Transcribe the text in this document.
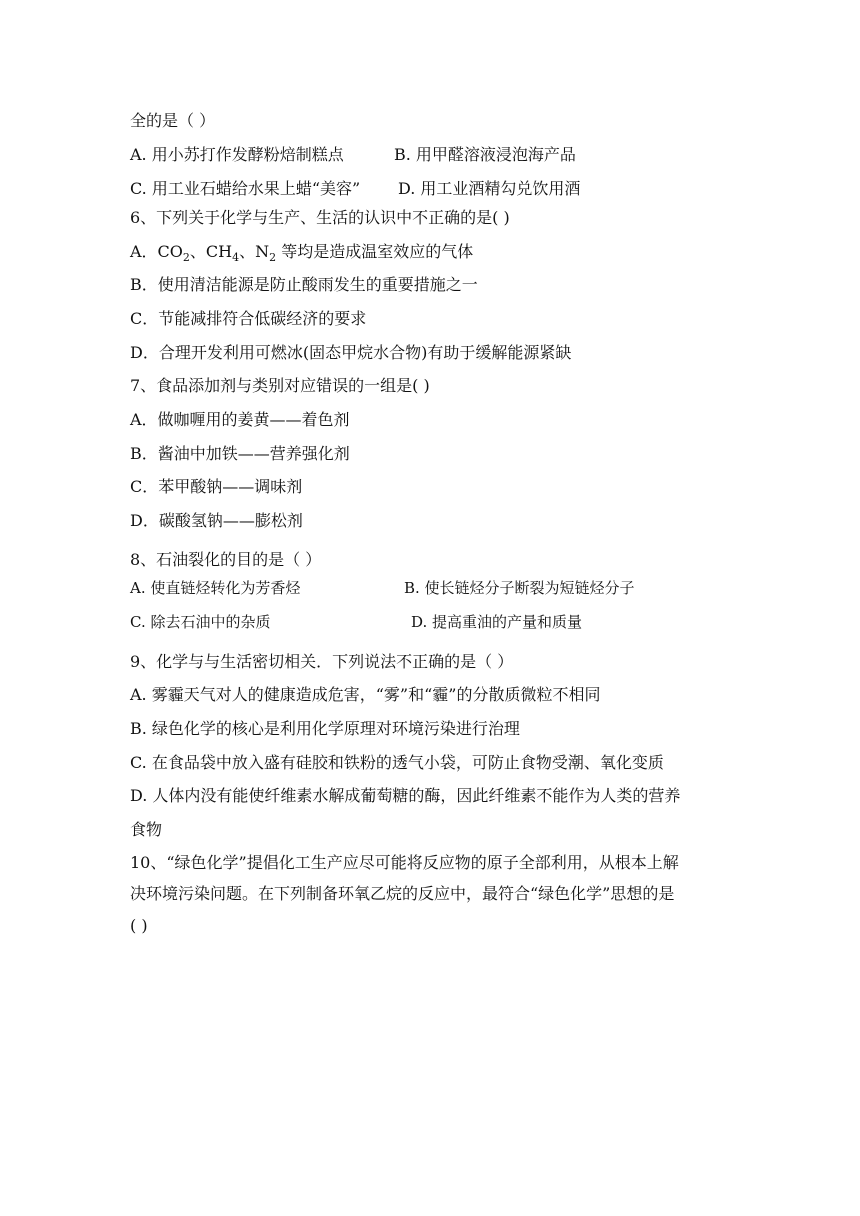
全的是（ ）
A. 用小苏打作发酵粉焙制糕点	B. 用甲醛溶液浸泡海产品
C. 用工业石蜡给水果上蜡“美容” D. 用工业酒精勾兑饮用酒
6、下列关于化学与生产、生活的认识中不正确的是( )
A．$CO_2$、$CH_4$、$N_2$ 等均是造成温室效应的气体
B．使用清洁能源是防止酸雨发生的重要措施之一
C．节能减排符合低碳经济的要求
D．合理开发利用可燃冰(固态甲烷水合物)有助于缓解能源紧缺
7、食品添加剂与类别对应错误的一组是( )
A．做咖喱用的姜黄——着色剂
B．酱油中加铁——营养强化剂
C．苯甲酸钠——调味剂
D．碳酸氢钠——膨松剂
8、石油裂化的目的是（ ）
A. 使直链烃转化为芳香烃	B. 使长链烃分子断裂为短链烃分子
C. 除去石油中的杂质	D. 提高重油的产量和质量
9、化学与与生活密切相关．下列说法不正确的是（ ）
A. 雾霾天气对人的健康造成危害，“雾”和“霾”的分散质微粒不相同
B. 绿色化学的核心是利用化学原理对环境污染进行治理
C. 在食品袋中放入盛有硅胶和铁粉的透气小袋，可防止食物受潮、氧化变质
D. 人体内没有能使纤维素水解成葡萄糖的酶，因此纤维素不能作为人类的营养
食物
10、“绿色化学”提倡化工生产应尽可能将反应物的原子全部利用，从根本上解
决环境污染问题。在下列制备环氧乙烷的反应中，最符合“绿色化学”思想的是
( )
